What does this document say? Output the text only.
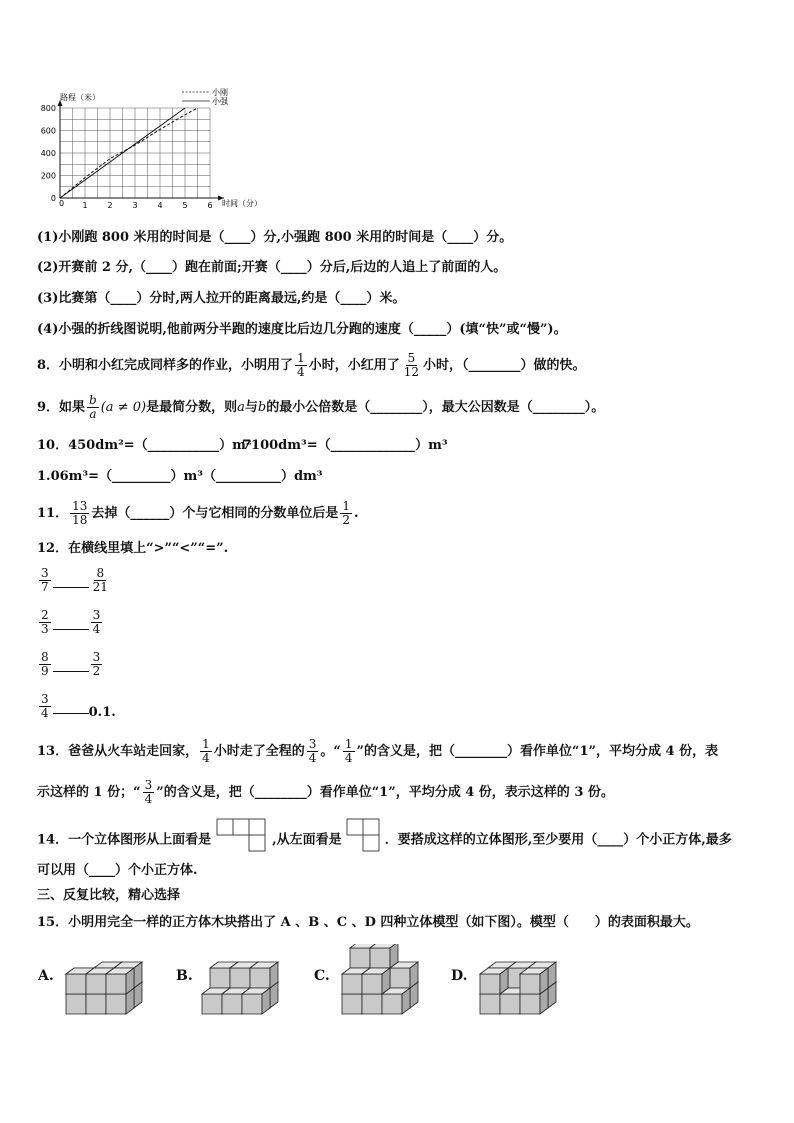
路程（米）
时间（分）
0
0
200
400
600
800
1 2 3 4 5 6
小刚
小强
(1)小刚跑 800 米用的时间是（____）分,小强跑 800 米用的时间是（____）分。
(2)开赛前 2 分,（____）跑在前面;开赛（____）分后,后边的人追上了前面的人。
(3)比赛第（____）分时,两人拉开的距离最远,约是（____）米。
(4)小强的折线图说明,他前两分半跑的速度比后边几分跑的速度（_____）(填“快”或“慢”)。
8．小明和小红完成同样多的作业，小明用了 $\frac{1}{4}$ 小时，小红用了 $\frac{5}{12}$ 小时，（________）做的快。
9．如果 $\frac{b}{a} (a \ne 0)$是最简分数，则a与b的最小公倍数是（________），最大公因数是（________）。
10．450dm²=（___________）m²
7100dm³=（_____________）m³
1.06m³=（_________）m³（__________）dm³
11． $\frac{13}{18}$ 去掉（______）个与它相同的分数单位后是 $\frac{1}{2}$ .
12．在横线里填上“>”“<”“=”.
$\frac{3}{7}$	$\frac{8}{21}$
$\frac{2}{3}$	$\frac{3}{4}$
$\frac{8}{9}$	$\frac{3}{2}$
$\frac{3}{4}$	0.1.
13．爸爸从火车站走回家， $\frac{1}{4}$ 小时走了全程的 $\frac{3}{4}$ 。“ $\frac{1}{4}$ ”的含义是，把（________）看作单位“1”，平均分成 4 份，表
示这样的 1 份；“ $\frac{3}{4}$ ”的含义是，把（________）看作单位“1”，平均分成 4 份，表示这样的 3 份。
14．一个立体图形从上面看是	,从左面看是	．要搭成这样的立体图形,至少要用（____）个小正方体,最多
可以用（____）个小正方体.
三、反复比较，精心选择
15．小明用完全一样的正方体木块搭出了 A 、B 、C 、D 四种立体模型（如下图）。模型（　　）的表面积最大。
A.	B.	C.	D.
